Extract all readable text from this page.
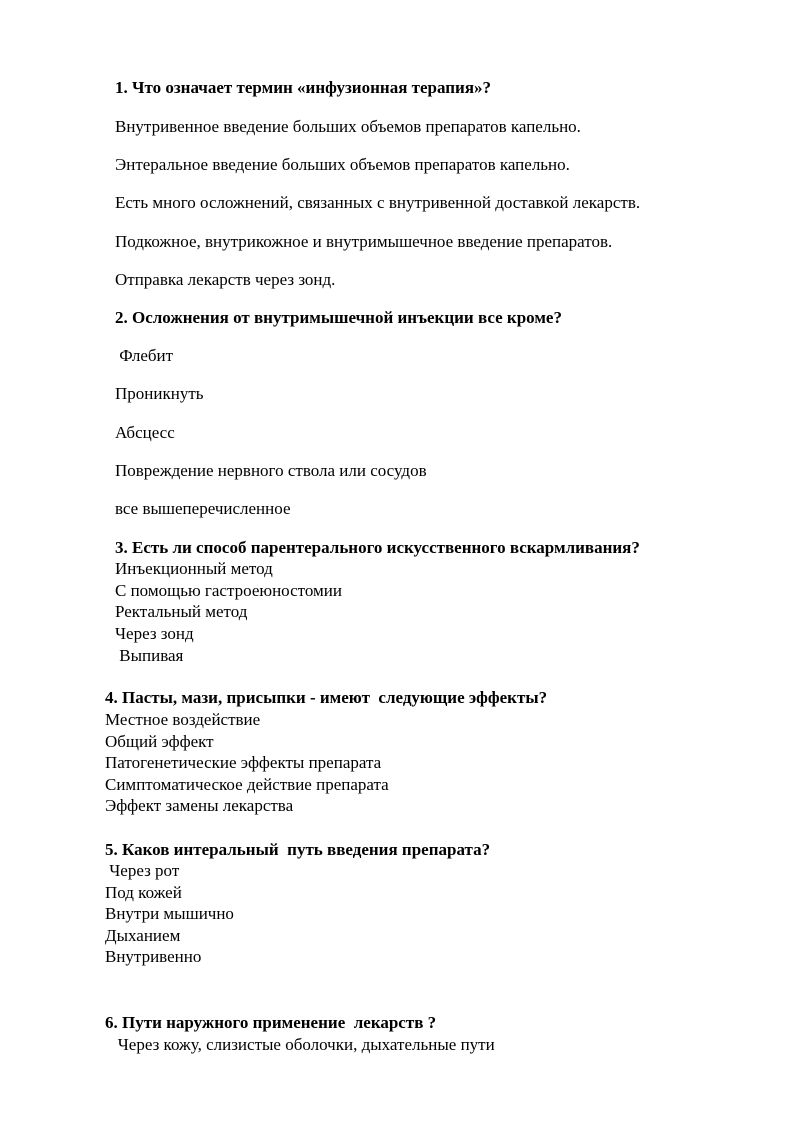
1. Что означает термин «инфузионная терапия»?
Внутривенное введение больших объемов препаратов капельно.
Энтеральное введение больших объемов препаратов капельно.
Есть много осложнений, связанных с внутривенной доставкой лекарств.
Подкожное, внутрикожное и внутримышечное введение препаратов.
Отправка лекарств через зонд.
2. Осложнения от внутримышечной инъекции все кроме?
Флебит
Проникнуть
Абсцесс
Повреждение нервного ствола или сосудов
все вышеперечисленное
3. Есть ли способ парентерального искусственного вскармливания?
Инъекционный метод
С помощью гастроеюностомии
Ректальный метод
Через зонд
Выпивая
4. Пасты, мази, присыпки - имеют  следующие эффекты?
Местное воздействие
Общий эффект
Патогенетические эффекты препарата
Симптоматическое действие препарата
Эффект замены лекарства
5. Каков интеральный  путь введения препарата?
Через рот
Под кожей
Внутри мышично
Дыханием
Внутривенно
6. Пути наружного применение  лекарств ?
Через кожу, слизистые оболочки, дыхательные пути
